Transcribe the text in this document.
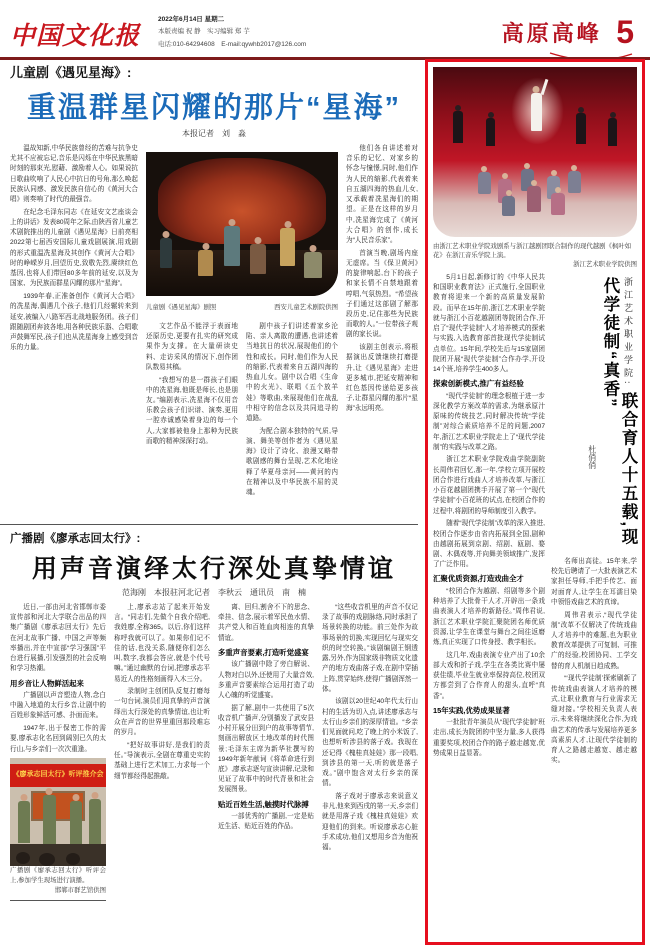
中国文化报
2022年6月14日 星期二
本版责编 祝 静　实习编辑 郑 芋
电话:010-64294608　E-mail:qywhb2017@126.com	高原高峰 5
儿童剧《遇见星海》:
重温群星闪耀的那片“星海”
本报记者　刘　淼

温故知新,中华民族曾经的苦难与抗争史尤其不应被忘记,音乐是闪烁在中华民族黑暗时刻的那束光,慰藉、激励着人心。如果说抗日歌曲吹响了人民心中抗日的号角,那么唤起民族认同感、激发民族自信心的《黄河大合唱》则奏响了时代的最强音。

在纪念毛泽东同志《在延安文艺座谈会上的讲话》发表80周年之际,由陕西省儿童艺术剧院推出的儿童剧《遇见星海》日前亮相2022第七届西安国际儿童戏剧展演,用戏剧的形式重温冼星海及其创作《黄河大合唱》时的峥嵘岁月,回望历史,致敬先烈,赓续红色基因,也将人们带回80多年前的延安,以及为国家、为民族而群星闪耀的那片“星海”。

1939年春,正准备创作《黄河大合唱》的冼星海,偶遇几个孩子,他们几经辗转来到延安,被编入八路军西北战地服务团。孩子们跟随剧团奔波各地,用各种民族乐器、合唱歌声鼓舞军民,孩子们也从冼星海身上感受到音乐的力量。

文艺作品不能浮于表面地还原历史,更要有扎实的研究成果作为支撑。在大量研读史料、走访采风的情况下,创作团队数易其稿。

“我想写的是一群孩子们眼中的冼星海,他既是师长,也是朋友。”编剧表示,冼星海不仅用音乐教会孩子们识谱、演奏,更用一腔赤诚感染着身边的每一个人,大家都被他身上那种为民族而歌的精神深深打动。

剧中孩子们讲述着家乡沦陷、亲人离散的遭遇,也讲述着当地抗日的状况,展现他们的个性和成长。同时,他们作为人民的缩影,代表着来自五湖四海的热血儿女。剧中以合唱《生命中的火光》、联唱《五个放羊娃》等歌曲,来展现他们在战乱中相守的信念以及共同追寻的道路。

为配合剧本独特的气质,导演、舞美等创作者为《遇见星海》设计了诗化、浪漫又略带歌剧感的舞台呈现,艺术化地诠释了华夏母亲河——黄河的内在精神以及中华民族不屈的灵魂。

他们各自讲述着对音乐的记忆、对家乡的怀念与憧憬,同时,他们作为人民的缩影,代表着来自五湖四海的热血儿女,又承载着冼星海们的期望。正是在这样的岁月中,冼星海完成了《黄河大合唱》的创作,成长为“人民音乐家”。

首演当晚,剧场内座无虚席。当《保卫黄河》的旋律响起,台下的孩子和家长情不自禁地跟着哼唱,气氛热烈。“希望孩子们通过这部剧了解那段历史,记住那些为民族而歌的人。”一位带孩子观剧的家长说。

该剧主创表示,将根据演出反馈继续打磨提升,让《遇见星海》走进更多城市,把延安精神和红色基因传递给更多孩子,让群星闪耀的那片“星海”永远明亮。

儿童剧《遇见星海》剧照	西安儿童艺术剧院供图
广播剧《廖承志回太行》:
用声音演绎太行深处真挚情谊
范海刚　本报驻河北记者　李秋云　通讯员　南　楠

近日,一部由河北省邯郸市委宣传部和河北大学联合出品的四集广播剧《廖承志回太行》先后在河北故事广播、中国之声等频率播出,并在中宣部“学习强国”平台进行展播,引发强烈的社会反响和学习热潮。

用乡音让人物鲜活起来

广播剧以声音塑造人物,念白中融入地道的太行乡音,让剧中的百姓形象鲜活可感、扑面而来。

1947年,出于保密工作的需要,廖承志化名回到阔别已久的太行山,与乡亲们一次次重逢。

《廖承志回太行》听评推介会
广播剧《廖承志回太行》听评会上,参加学生现场进行演播。
邯郸市群艺馆供图

上,廖承志站了起来开始发言。“同志们,先做个自我介绍吧,我姓廖,全称365。以后,你们这样称呼我就可以了。如果你们记不住的话,也没关系,随便你们怎么叫,数字,我都会答应,就是个代号嘛。”通过幽默的台词,把廖承志平易近人的性格刻画得入木三分。

录制时主创团队反复打磨每一句台词,演员们用真挚的声音演绎出太行深处的真挚情谊,也让听众在声音的世界里重回那段难忘的岁月。

“把好故事讲好,是我们的责任。”导演表示,全剧在尊重史实的基础上进行艺术加工,力求每一个细节都经得起推敲。

离、回归,割舍不下的思念、牵挂、信念,展示着军民鱼水情、共产党人和百姓血肉相连的真挚情谊。

多重声音要素,打造听觉盛宴

该广播剧中除了旁白解说、人物对白以外,还使用了大量音效,多重声音要素综合运用打造了动人心魄的听觉盛宴。

据了解,剧中一共使用了5次收音机广播声,分别播发了武安县小村开展分田到户的故事等情节,刻画出解放区土地改革的时代图景;毛泽东主席为新华社撰写的1949年新年献词《将革命进行到底》,廖承志逐句宣读讲解,记录和见证了故事中的时代背景和社会发展图景。

贴近百姓生活,触摸时代脉搏

一部优秀的广播剧,一定是贴近生活、贴近百姓的作品。

“这些收音机里的声音不仅记录了故事的戏剧脉络,同时承担了场景转换的功能。前三处作为故事场景的切换,实现回忆与现实交织的时空转换。”该剧编剧王钢透露,另外,作为国家级非物质文化遗产的地方戏曲落子戏,在剧中穿插上阵,贯穿始终,使得广播剧浑然一体。

该剧以20世纪40年代太行山村的生活为切入点,讲述廖承志与太行山乡亲们的深厚情谊。“乡亲们见面就问,吃了晚上的小米饭了,也想听听涉县的落子戏。我现在还记得《槐桂真娃娃》那一段唱,到涉县的第一天,听的就是落子戏。”剧中饱含对太行乡亲的深情。

落子戏对于廖承志来说意义非凡,他来到西戌的第一天,乡亲们就是用落子戏《槐桂真娃娃》欢迎他们的到来。听说廖承志心脏手术成功,他们又想用乡音为他祝福。

由浙江艺术职业学院戏剧系与浙江越剧团联合制作的现代越剧《枫叶如花》在浙江音乐学院上演。
浙江艺术职业学院供图

5月1日起,新修订的《中华人民共和国职业教育法》正式施行,全国职业教育将迎来一个新的高质量发展阶段。而早在15年前,浙江艺术职业学院就与浙江小百花越剧团等院团合作,开启了“现代学徒制”人才培养模式的探索与实践,入选教育部首批现代学徒制试点单位。15年间,学校先后与15家剧团院团开展“现代学徒制”合作办学,开设14个班,培养学生400多人。

探索创新模式,推广有益经验

“现代学徒制”的理念根植于进一步深化教学方案改革的需求,为继承原汁原味的传统技艺,同时解决传统“学徒制”对综合素质培养不足的问题,2007年,浙江艺术职业学院走上了“现代学徒制”的实践与改革之路。

浙江艺术职业学院戏曲学院副院长周伟君回忆,那一年,学校立项开展校团合作进行戏曲人才培养改革,与浙江小百花越剧团携手开展了第一个“现代学徒制”小百花班的试点,在校团合作的过程中,将剧团的导师制度引入教学。

随着“现代学徒制”改革的深入推进,校团合作逐步由省内拓展到全国,剧种由越剧拓展到京剧、绍剧、瓯剧、婺剧、木偶戏等,并向舞美领域推广,发挥了广泛作用。

汇聚优质资源,打造戏曲全才

“校团合作为越剧、绍剧等多个剧种培养了大批骨干人才,开辟出一条戏曲表演人才培养的新路径。”周伟君说,浙江艺术职业学院汇聚院团名师优质资源,让学生在课堂与舞台之间往返磨炼,真正实现了口传身授、教学相长。

这几年,戏曲表演专业产出了10余部大戏和折子戏,学生在各类比赛中屡获佳绩,毕业生就业率保持高位,校团双方都尝到了合作育人的甜头,直呼“真香”。

15年实践,优势成果显著

一批批青年演员从“现代学徒制”班走出,成长为院团的中坚力量,多人获得重要奖项,校团合作的路子越走越宽,优势成果日益显著。

浙江艺术职业学院: 联合育人十五载,现代学徒制“真香” 杜俏俏

名师出高徒。15年来,学校先后聘请了一大批表演艺术家担任导师,手把手传艺、面对面育人,让学生在耳濡目染中领悟戏曲艺术的真谛。

周伟君表示,“现代学徒制”改革不仅解决了传统戏曲人才培养中的难题,也为职业教育改革提供了可复制、可推广的经验,校团协同、工学交替的育人机制日趋成熟。

“‘现代学徒制’探索刷新了传统戏曲表演人才培养的模式,让职业教育与行业需求无缝对接。”学校相关负责人表示,未来将继续深化合作,为戏曲艺术的传承与发展培养更多高素质人才,让现代学徒制的育人之路越走越宽、越走越实。
